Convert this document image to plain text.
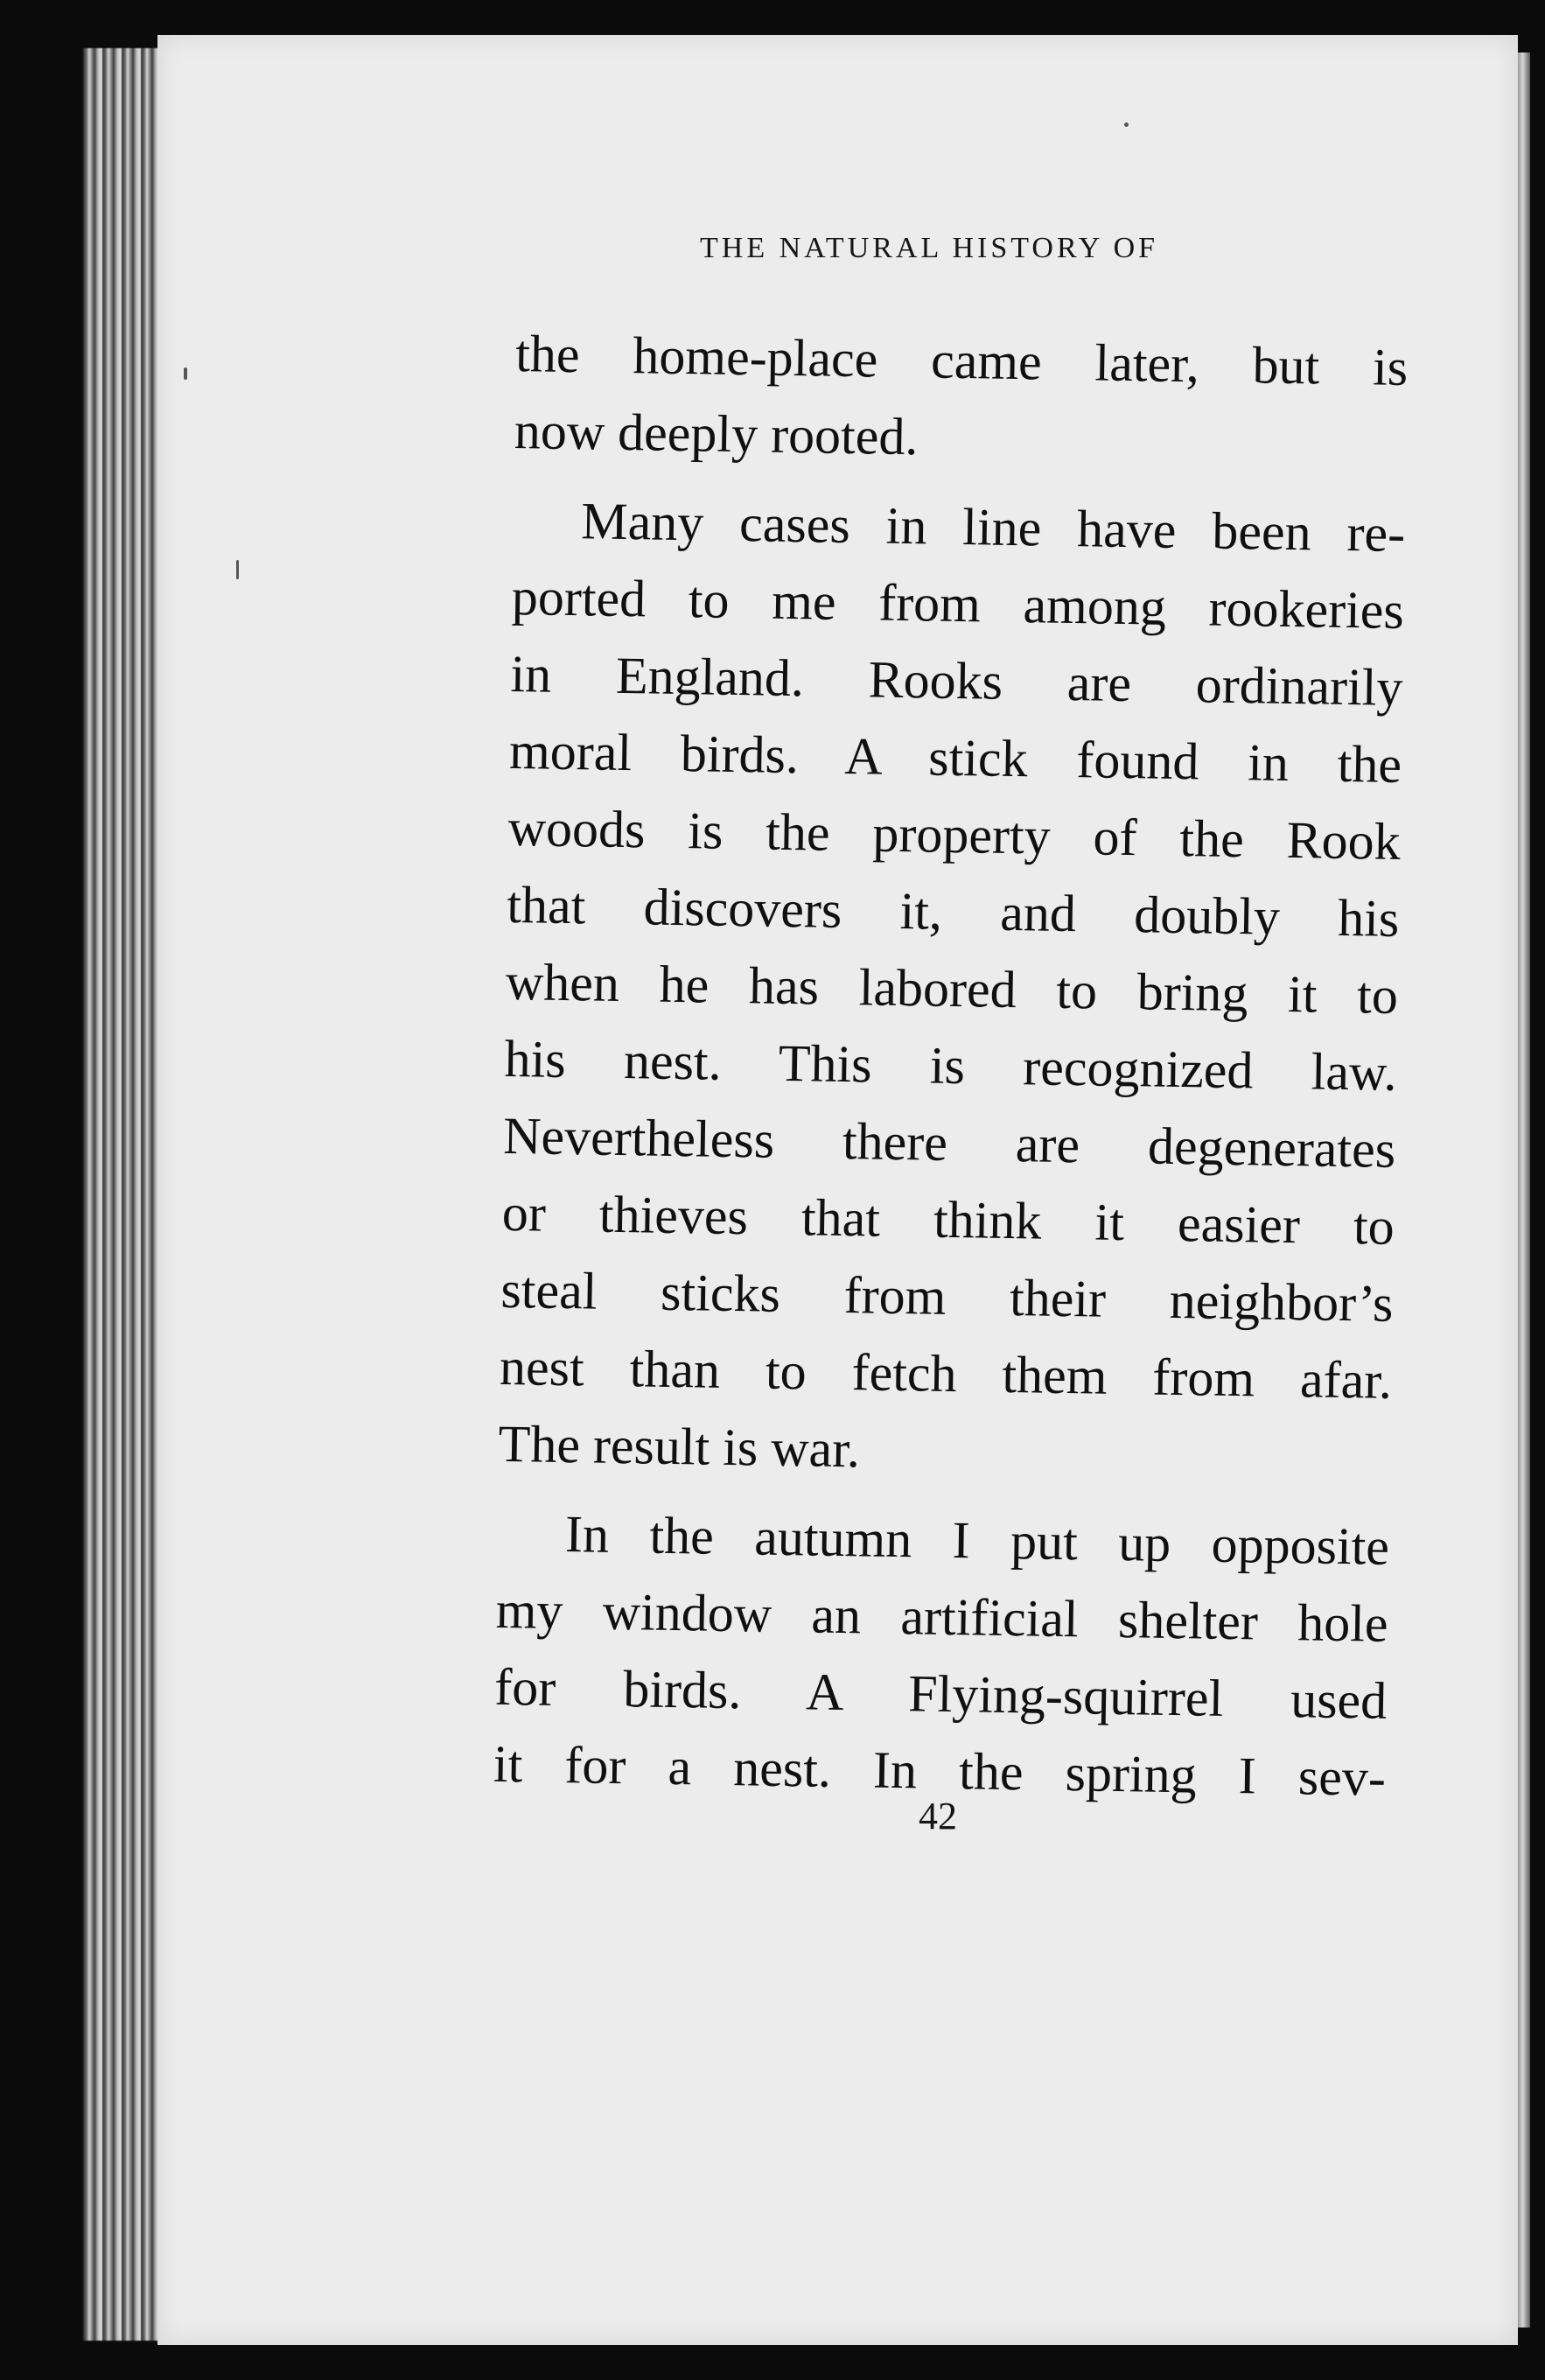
THE NATURAL HISTORY OF
the home-place came later, but is
now deeply rooted.
Many cases in line have been re-
ported to me from among rookeries
in England. Rooks are ordinarily
moral birds. A stick found in the
woods is the property of the Rook
that discovers it, and doubly his
when he has labored to bring it to
his nest. This is recognized law.
Nevertheless there are degenerates
or thieves that think it easier to
steal sticks from their neighbor’s
nest than to fetch them from afar.
The result is war.
In the autumn I put up opposite
my window an artificial shelter hole
for birds. A Flying-squirrel used
it for a nest. In the spring I sev-
42
